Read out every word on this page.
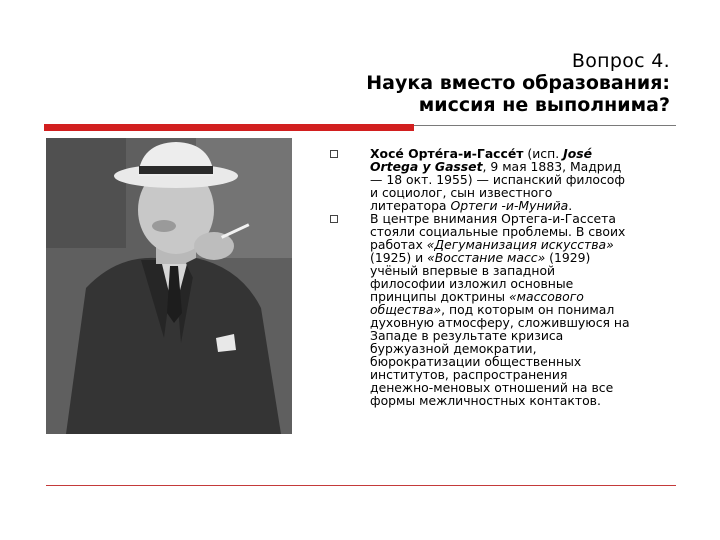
Вопрос 4.
Наука вместо образования:
миссия не выполнима?
Хосе́ Орте́га-и-Гассе́т (исп. José Ortega y Gasset, 9 мая 1883, Мадрид — 18 окт. 1955) — испанский философ и социолог, сын известного литератора Ортеги -и-Мунийа.
В центре внимания Ортега-и-Гассета стояли социальные проблемы. В своих работах «Дегуманизация искусства» (1925) и «Восстание масс» (1929) учёный впервые в западной философии изложил основные принципы доктрины «массового общества», под которым он понимал духовную атмосферу, сложившуюся на Западе в результате кризиса буржуазной демократии, бюрократизации общественных институтов, распространения денежно-меновых отношений на все формы межличностных контактов.
